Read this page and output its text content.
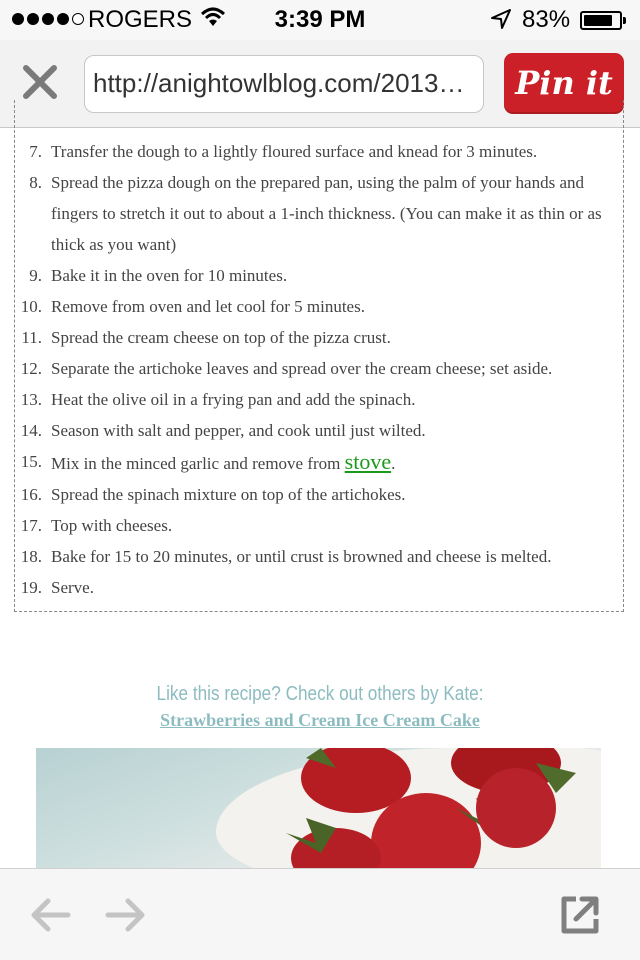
ROGERS	3:39 PM	83%
http://anightowlblog.com/2013…	Pin it
7. Transfer the dough to a lightly floured surface and knead for 3 minutes.
8. Spread the pizza dough on the prepared pan, using the palm of your hands and fingers to stretch it out to about a 1-inch thickness. (You can make it as thin or as thick as you want)
9. Bake it in the oven for 10 minutes.
10. Remove from oven and let cool for 5 minutes.
11. Spread the cream cheese on top of the pizza crust.
12. Separate the artichoke leaves and spread over the cream cheese; set aside.
13. Heat the olive oil in a frying pan and add the spinach.
14. Season with salt and pepper, and cook until just wilted.
15. Mix in the minced garlic and remove from stove.
16. Spread the spinach mixture on top of the artichokes.
17. Top with cheeses.
18. Bake for 15 to 20 minutes, or until crust is browned and cheese is melted.
19. Serve.
Like this recipe? Check out others by Kate:
Strawberries and Cream Ice Cream Cake
